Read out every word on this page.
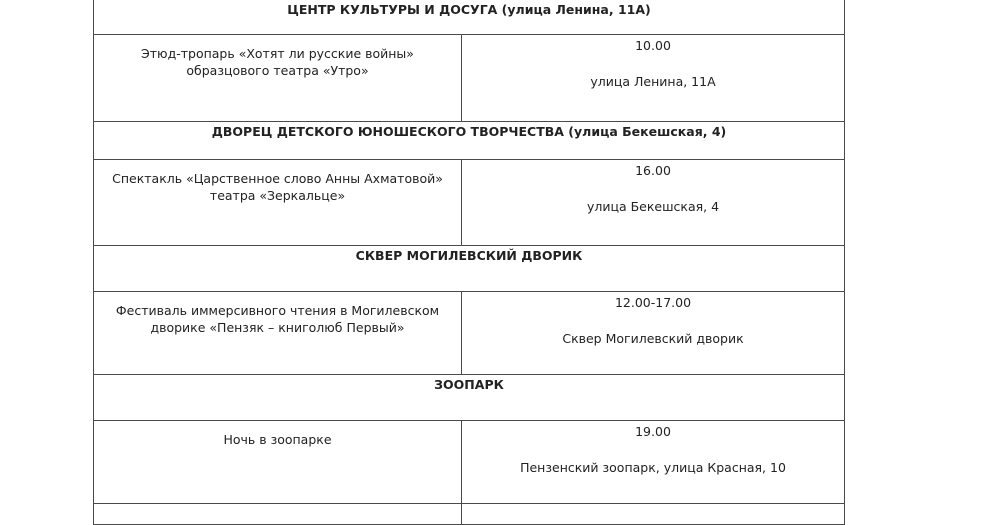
ЦЕНТР КУЛЬТУРЫ И ДОСУГА (улица Ленина, 11А)	
Этюд-тропарь «Хотят ли русские войны» образцового театра «Утро»	10.00
улица Ленина, 11А

ДВОРЕЦ ДЕТСКОГО ЮНОШЕСКОГО ТВОРЧЕСТВА (улица Бекешская, 4)	
Спектакль «Царственное слово Анны Ахматовой» театра «Зеркальце»	16.00
улица Бекешская, 4

СКВЕР МОГИЛЕВСКИЙ ДВОРИК	
Фестиваль иммерсивного чтения в Могилевском дворике «Пензяк – книголюб Первый»	12.00-17.00
Сквер Могилевский дворик

ЗООПАРК	
Ночь в зоопарке	19.00
Пензенский зоопарк, улица Красная, 10
